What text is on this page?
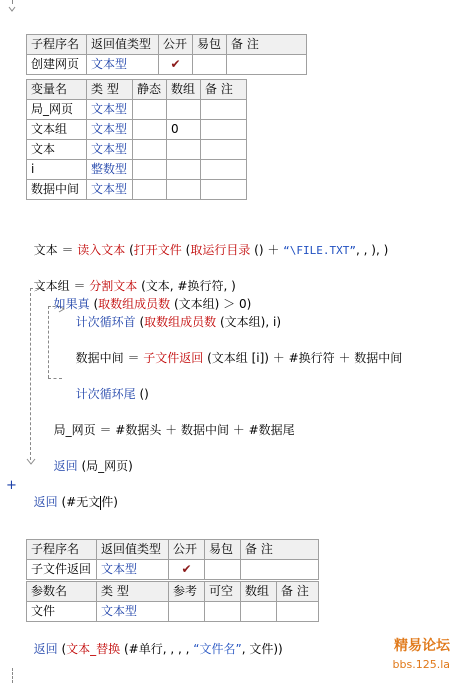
子程序名	返回值类型	公开	易包	备 注
创建网页	文本型	✔		
变量名	类 型	静态	数组	备 注
局_网页	文本型			
文本组	文本型		0	
文本	文本型			
i	整数型			
数据中间	文本型			

文本 ＝ 读入文本 (打开文件 (取运行目录 () ＋ “\FILE.TXT”, , ), )

文本组 ＝ 分割文本 (文本, #换行符, )

如果真 (取数组成员数 (文本组) ＞ 0)

计次循环首 (取数组成员数 (文本组), i)

数据中间 ＝ 子文件返回 (文本组 [i]) ＋ #换行符 ＋ 数据中间

计次循环尾 ()

局_网页 ＝ #数据头 ＋ 数据中间 ＋ #数据尾

返回 (局_网页)

+

返回 (#无文件)

子程序名	返回值类型	公开	易包	备 注
子文件返回	文本型	✔		
参数名	类 型	参考	可空	数组	备 注
文件	文本型				

返回 (文本_替换 (#单行, , , , “文件名”, 文件))	精易论坛
bbs.125.la
